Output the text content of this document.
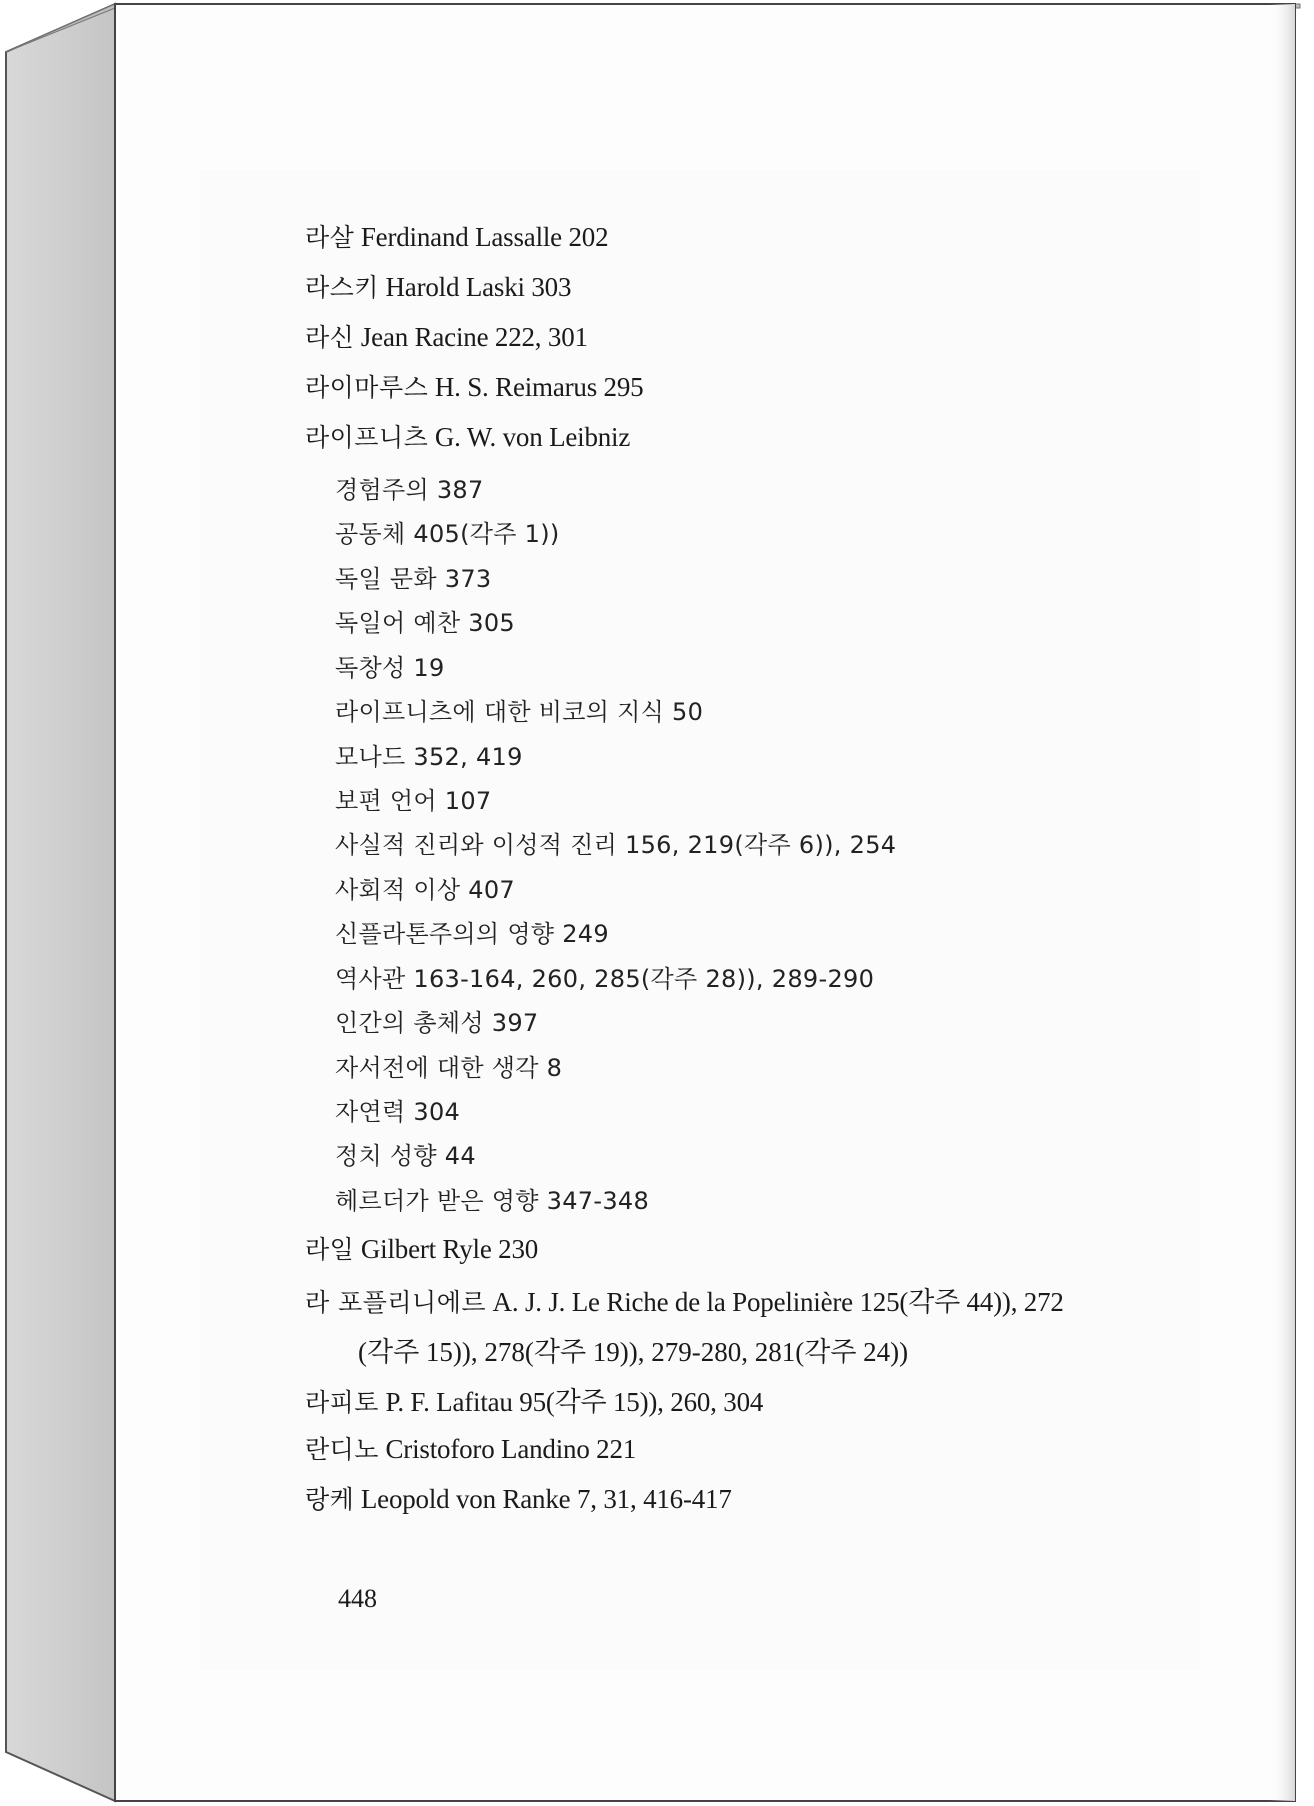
라살 Ferdinand Lassalle 202
라스키 Harold Laski 303
라신 Jean Racine 222, 301
라이마루스 H. S. Reimarus 295
라이프니츠 G. W. von Leibniz
경험주의 387
공동체 405(각주 1))
독일 문화 373
독일어 예찬 305
독창성 19
라이프니츠에 대한 비코의 지식 50
모나드 352, 419
보편 언어 107
사실적 진리와 이성적 진리 156, 219(각주 6)), 254
사회적 이상 407
신플라톤주의의 영향 249
역사관 163-164, 260, 285(각주 28)), 289-290
인간의 총체성 397
자서전에 대한 생각 8
자연력 304
정치 성향 44
헤르더가 받은 영향 347-348
라일 Gilbert Ryle 230
라 포플리니에르 A. J. J. Le Riche de la Popelinière 125(각주 44)), 272
(각주 15)), 278(각주 19)), 279-280, 281(각주 24))
라피토 P. F. Lafitau 95(각주 15)), 260, 304
란디노 Cristoforo Landino 221
랑케 Leopold von Ranke 7, 31, 416-417
448
